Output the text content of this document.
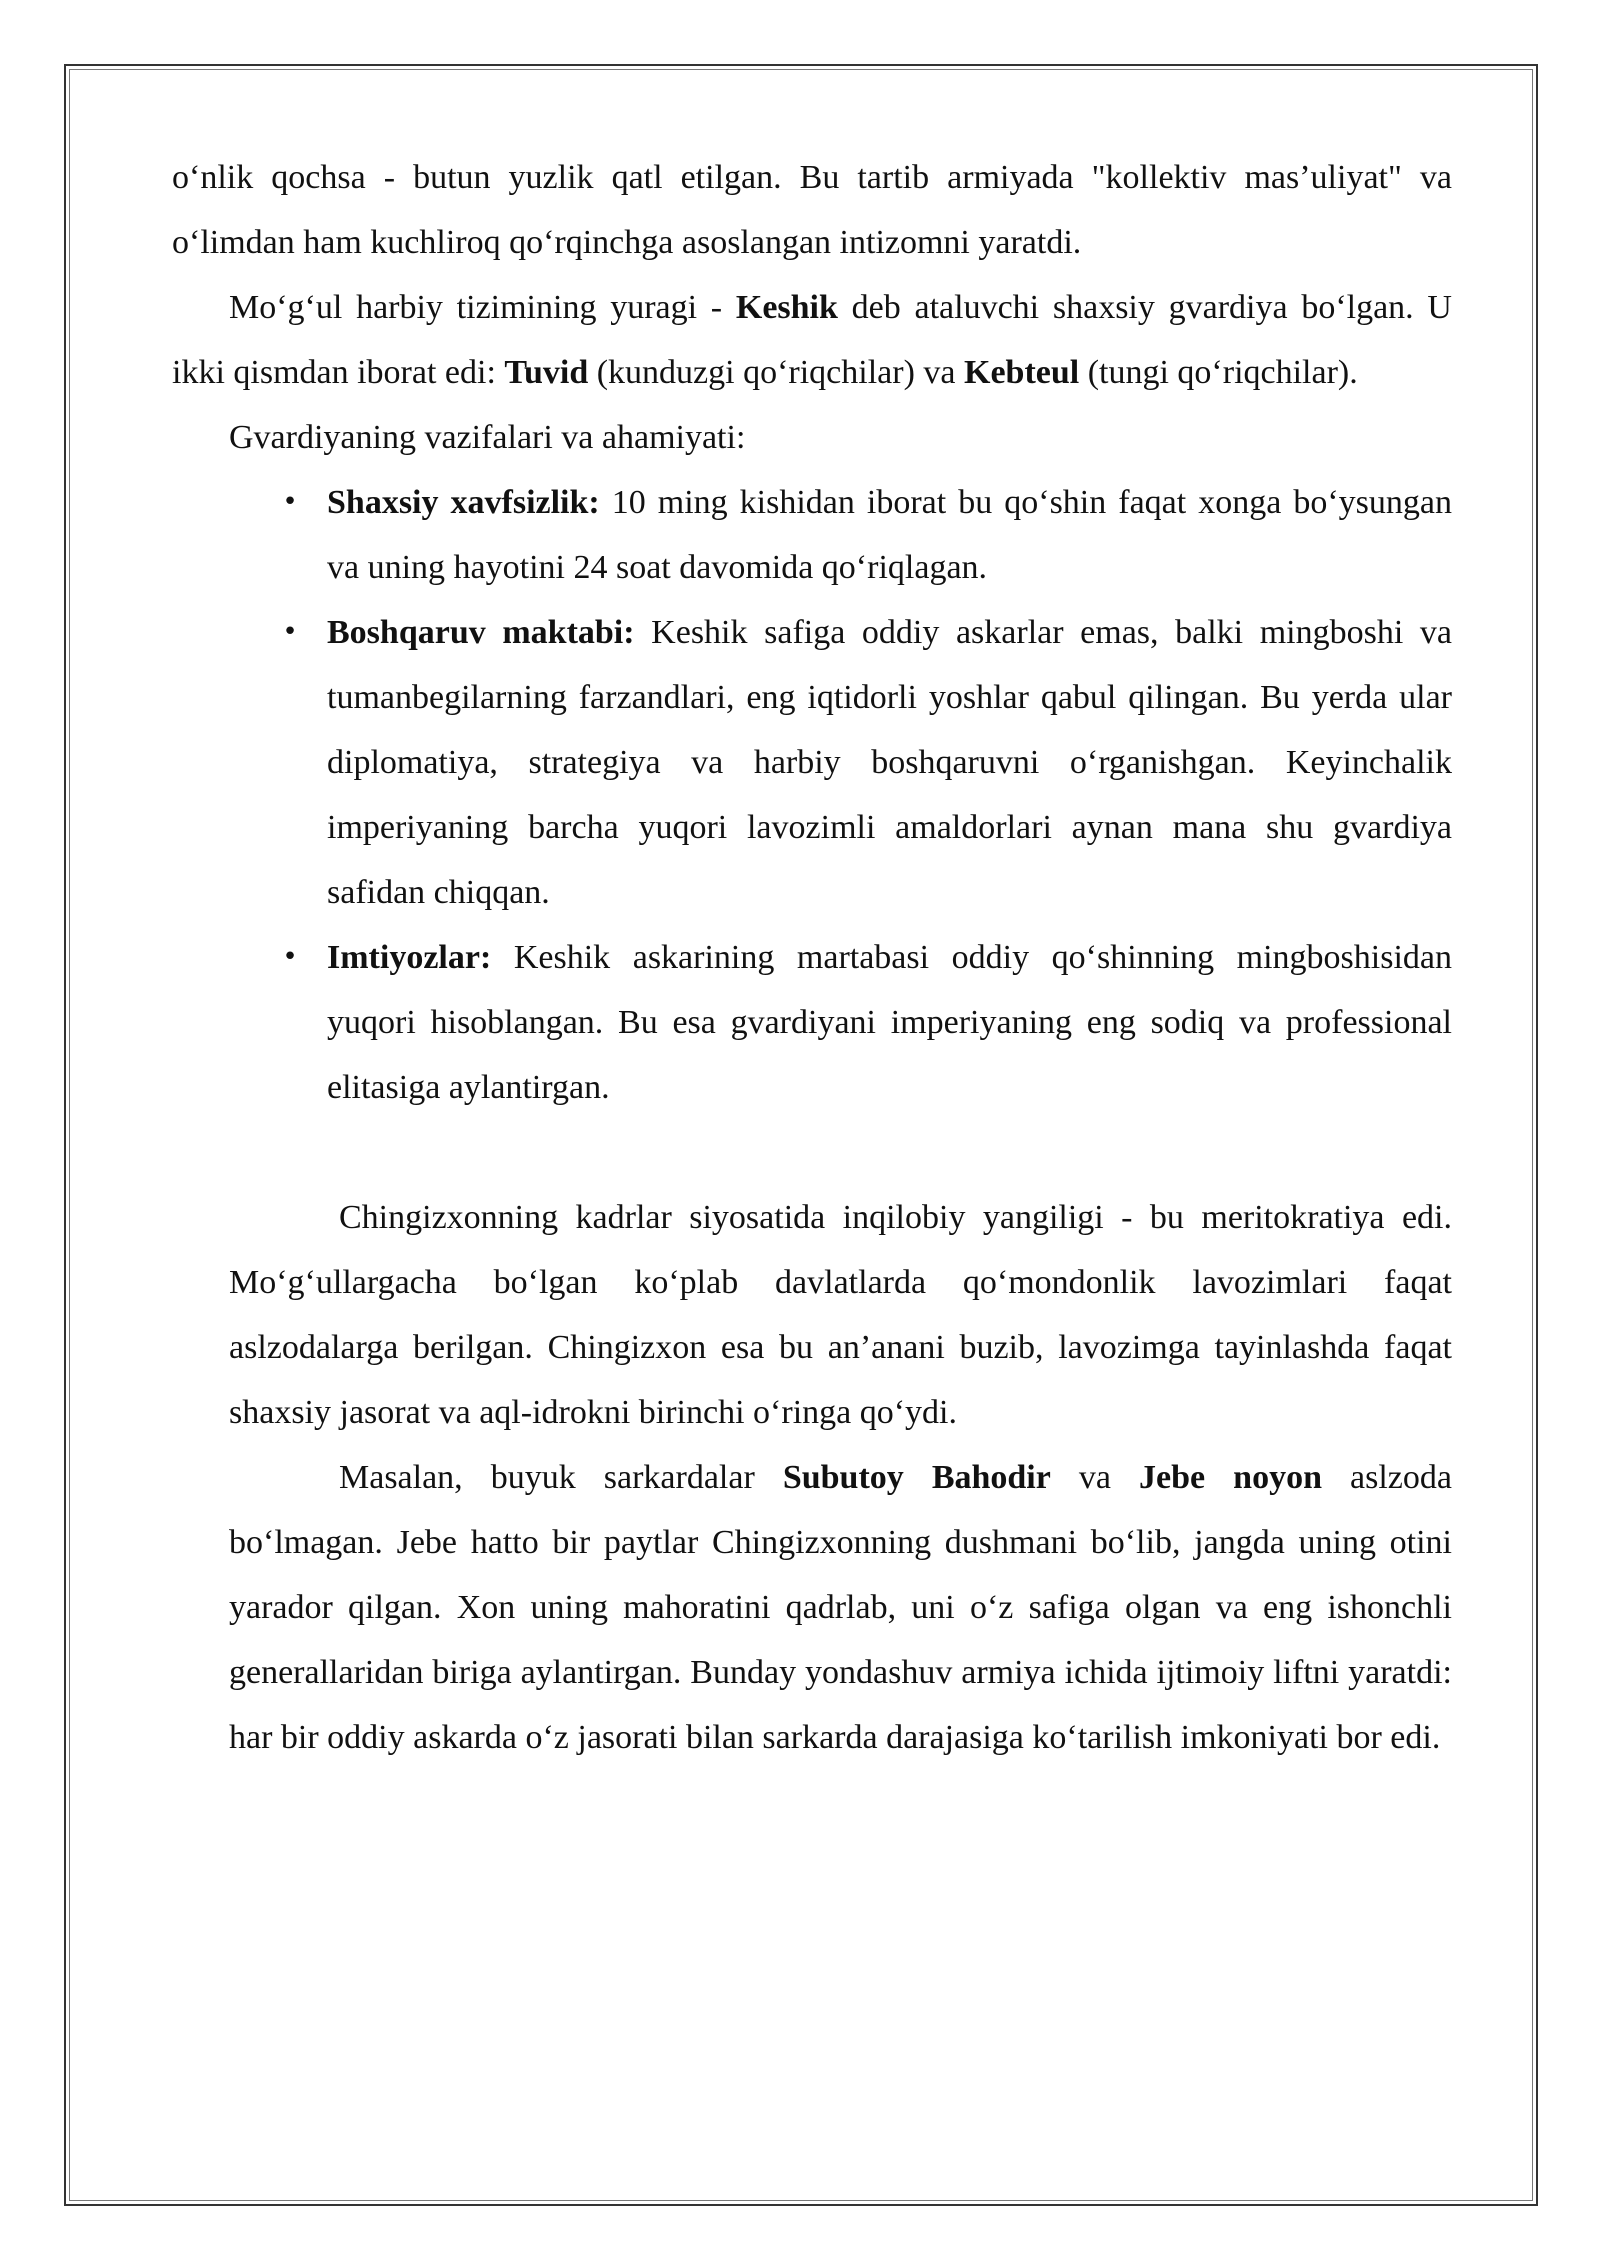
o‘nlik qochsa - butun yuzlik qatl etilgan. Bu tartib armiyada "kollektiv mas’uliyat" va o‘limdan ham kuchliroq qo‘rqinchga asoslangan intizomni yaratdi.

Mo‘g‘ul harbiy tizimining yuragi - Keshik deb ataluvchi shaxsiy gvardiya bo‘lgan. U ikki qismdan iborat edi: Tuvid (kunduzgi qo‘riqchilar) va Kebteul (tungi qo‘riqchilar).

Gvardiyaning vazifalari va ahamiyati:

• Shaxsiy xavfsizlik: 10 ming kishidan iborat bu qo‘shin faqat xonga bo‘ysungan va uning hayotini 24 soat davomida qo‘riqlagan.
• Boshqaruv maktabi: Keshik safiga oddiy askarlar emas, balki mingboshi va tumanbegilarning farzandlari, eng iqtidorli yoshlar qabul qilingan. Bu yerda ular diplomatiya, strategiya va harbiy boshqaruvni o‘rganishgan. Keyinchalik imperiyaning barcha yuqori lavozimli amaldorlari aynan mana shu gvardiya safidan chiqqan.
• Imtiyozlar: Keshik askarining martabasi oddiy qo‘shinning mingboshisidan yuqori hisoblangan. Bu esa gvardiyani imperiyaning eng sodiq va professional elitasiga aylantirgan.

Chingizxonning kadrlar siyosatida inqilobiy yangiligi - bu meritokratiya edi. Mo‘g‘ullargacha bo‘lgan ko‘plab davlatlarda qo‘mondonlik lavozimlari faqat aslzodalarga berilgan. Chingizxon esa bu an’anani buzib, lavozimga tayinlashda faqat shaxsiy jasorat va aql-idrokni birinchi o‘ringa qo‘ydi.

Masalan, buyuk sarkardalar Subutoy Bahodir va Jebe noyon aslzoda bo‘lmagan. Jebe hatto bir paytlar Chingizxonning dushmani bo‘lib, jangda uning otini yarador qilgan. Xon uning mahoratini qadrlab, uni o‘z safiga olgan va eng ishonchli generallaridan biriga aylantirgan. Bunday yondashuv armiya ichida ijtimoiy liftni yaratdi: har bir oddiy askarda o‘z jasorati bilan sarkarda darajasiga ko‘tarilish imkoniyati bor edi.
